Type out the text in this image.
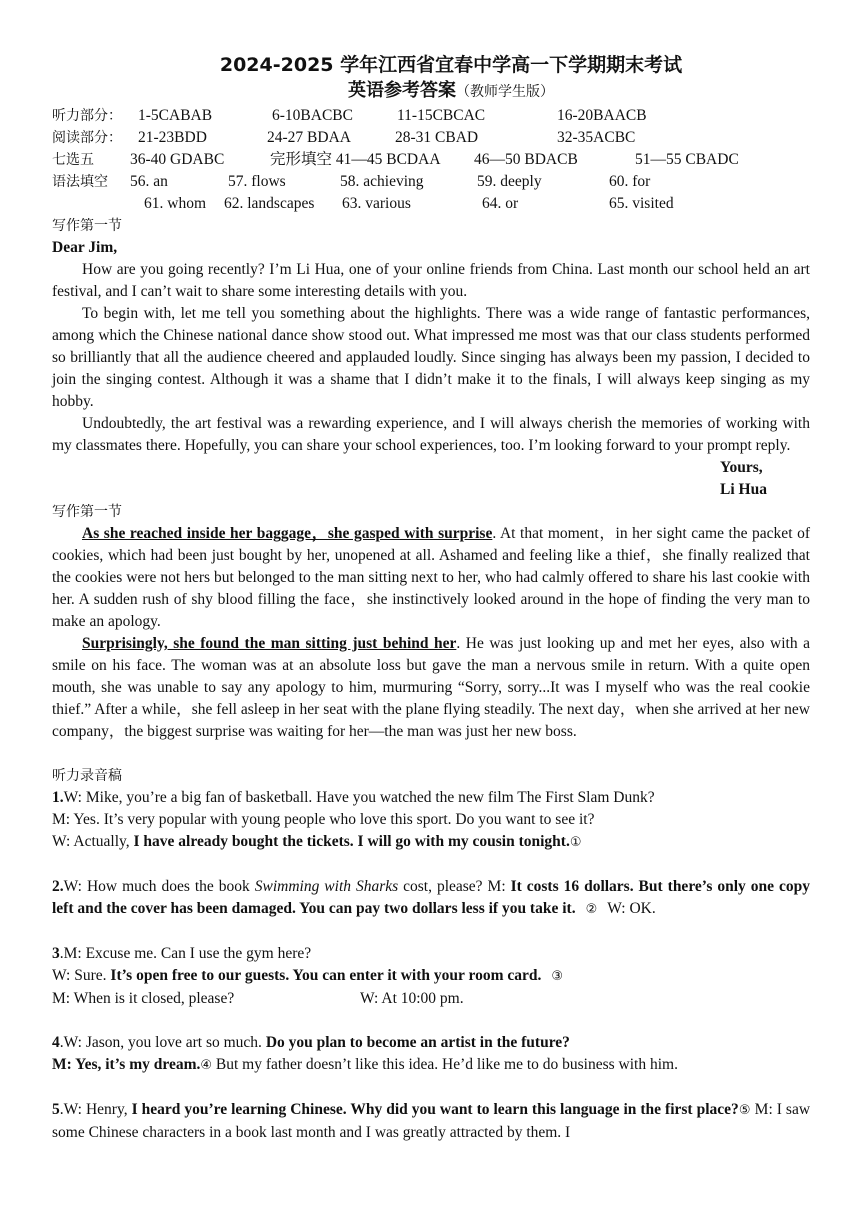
2024-2025 学年江西省宜春中学高一下学期期末考试
英语参考答案（教师学生版）
听力部分： 1-5CABAB	6-10BACBC	11-15CBCAC	16-20BAACB
阅读部分： 21-23BDD	24-27 BDAA	28-31 CBAD	32-35ACBC
七选五 36-40 GDABC	完形填空 41—45 BCDAA 46—50 BDACB	51—55 CBADC
语法填空 56. an	57. flows	58. achieving	59. deeply	60. for
61. whom 62. landscapes 63. various	64. or	65. visited
写作第一节

Dear Jim,

How are you going recently? I’m Li Hua, one of your online friends from China. Last month our school held an art festival, and I can’t wait to share some interesting details with you.

To begin with, let me tell you something about the highlights. There was a wide range of fantastic performances, among which the Chinese national dance show stood out. What impressed me most was that our class students performed so brilliantly that all the audience cheered and applauded loudly. Since singing has always been my passion, I decided to join the singing contest. Although it was a shame that I didn’t make it to the finals, I will always keep singing as my hobby.

Undoubtedly, the art festival was a rewarding experience, and I will always cherish the memories of working with my classmates there. Hopefully, you can share your school experiences, too. I’m looking forward to your prompt reply.

Yours,
Li Hua
写作第一节

As she reached inside her baggage，she gasped with surprise. At that moment，in her sight came the packet of cookies, which had been just bought by her, unopened at all. Ashamed and feeling like a thief，she finally realized that the cookies were not hers but belonged to the man sitting next to her, who had calmly offered to share his last cookie with her. A sudden rush of shy blood filling the face，she instinctively looked around in the hope of finding the very man to make an apology.

Surprisingly, she found the man sitting just behind her. He was just looking up and met her eyes, also with a smile on his face. The woman was at an absolute loss but gave the man a nervous smile in return. With a quite open mouth, she was unable to say any apology to him, murmuring “Sorry, sorry...It was I myself who was the real cookie thief.” After a while，she fell asleep in her seat with the plane flying steadily. The next day，when she arrived at her new company，the biggest surprise was waiting for her—the man was just her new boss.

听力录音稿

1.W: Mike, you’re a big fan of basketball. Have you watched the new film The First Slam Dunk?

M: Yes. It’s very popular with young people who love this sport. Do you want to see it?

W: Actually, I have already bought the tickets. I will go with my cousin tonight.①

2.W: How much does the book Swimming with Sharks cost, please? M: It costs 16 dollars. But there’s only one copy left and the cover has been damaged. You can pay two dollars less if you take it. ② W: OK.

3.M: Excuse me. Can I use the gym here?

W: Sure. It’s open free to our guests. You can enter it with your room card. ③

M: When is it closed, please?	W: At 10:00 pm.

4.W: Jason, you love art so much. Do you plan to become an artist in the future?

M: Yes, it’s my dream.④ But my father doesn’t like this idea. He’d like me to do business with him.

5.W: Henry, I heard you’re learning Chinese. Why did you want to learn this language in the first place?⑤ M: I saw some Chinese characters in a book last month and I was greatly attracted by them. I
